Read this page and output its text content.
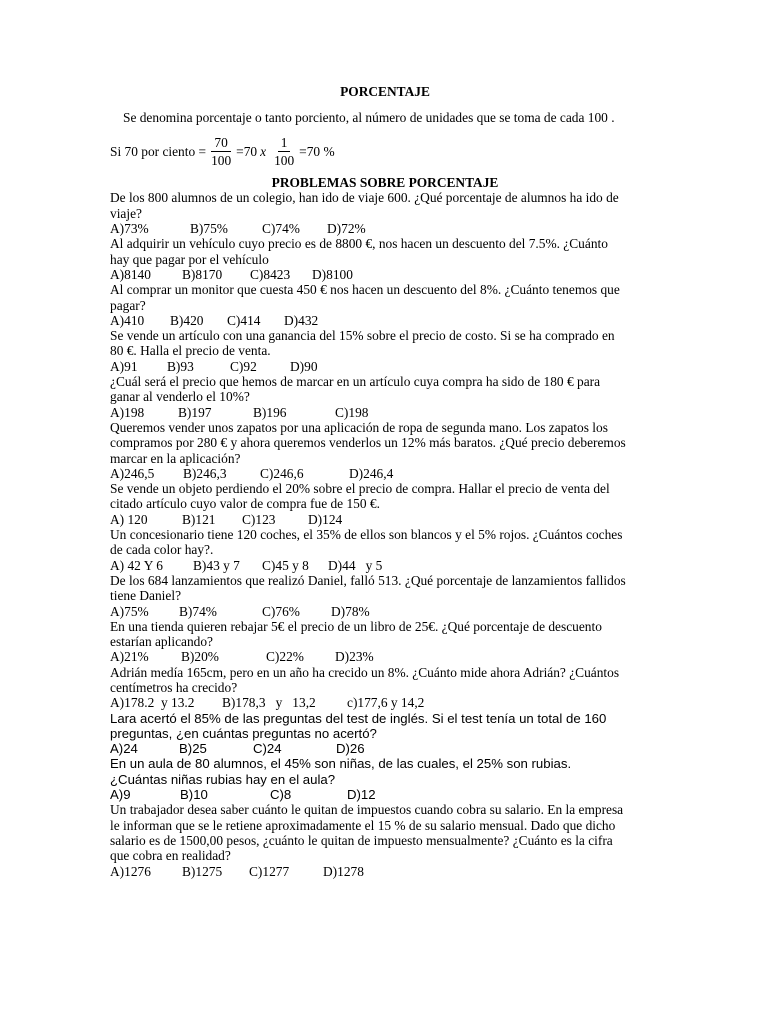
PORCENTAJE

Se denomina porcentaje o tanto porciento, al número de unidades que se toma de cada 100 .

Si 70 por ciento = $\frac{70}{100} =70$ x $\frac{1}{100} =70$ %

PROBLEMAS SOBRE PORCENTAJE

De los 800 alumnos de un colegio, han ido de viaje 600. ¿Qué porcentaje de alumnos ha ido de
viaje?
A)73%	B)75%	C)74%	D)72%
Al adquirir un vehículo cuyo precio es de 8800 €, nos hacen un descuento del 7.5%. ¿Cuánto
hay que pagar por el vehículo
A)8140	B)8170	C)8423	D)8100
Al comprar un monitor que cuesta 450 € nos hacen un descuento del 8%. ¿Cuánto tenemos que
pagar?
A)410	B)420	C)414	D)432
Se vende un artículo con una ganancia del 15% sobre el precio de costo. Si se ha comprado en
80 €. Halla el precio de venta.
A)91	B)93	C)92	D)90
¿Cuál será el precio que hemos de marcar en un artículo cuya compra ha sido de 180 € para
ganar al venderlo el 10%?
A)198	B)197	B)196	C)198
Queremos vender unos zapatos por una aplicación de ropa de segunda mano. Los zapatos los
compramos por 280 € y ahora queremos venderlos un 12% más baratos. ¿Qué precio deberemos
marcar en la aplicación?
A)246,5	B)246,3	C)246,6	D)246,4
Se vende un objeto perdiendo el 20% sobre el precio de compra. Hallar el precio de venta del
citado artículo cuyo valor de compra fue de 150 €.
A) 120	B)121	C)123	D)124
Un concesionario tiene 120 coches, el 35% de ellos son blancos y el 5% rojos. ¿Cuántos coches
de cada color hay?.
A) 42 Y 6	B)43 y 7	C)45 y 8	D)44   y 5
De los 684 lanzamientos que realizó Daniel, falló 513. ¿Qué porcentaje de lanzamientos fallidos
tiene Daniel?
A)75%	B)74%	C)76%	D)78%
En una tienda quieren rebajar 5€ el precio de un libro de 25€. ¿Qué porcentaje de descuento
estarían aplicando?
A)21%	B)20%	C)22%	D)23%
Adrián medía 165cm, pero en un año ha crecido un 8%. ¿Cuánto mide ahora Adrián? ¿Cuántos
centímetros ha crecido?
A)178.2  y 13.2	B)178,3   y   13,2	c)177,6 y 14,2
Lara acertó el 85% de las preguntas del test de inglés. Si el test tenía un total de 160
preguntas, ¿en cuántas preguntas no acertó?
A)24	B)25	C)24	D)26
En un aula de 80 alumnos, el 45% son niñas, de las cuales, el 25% son rubias.
¿Cuántas niñas rubias hay en el aula?
A)9	B)10	C)8	D)12
Un trabajador desea saber cuánto le quitan de impuestos cuando cobra su salario. En la empresa
le informan que se le retiene aproximadamente el 15 % de su salario mensual. Dado que dicho
salario es de 1500,00 pesos, ¿cuánto le quitan de impuesto mensualmente? ¿Cuánto es la cifra
que cobra en realidad?
A)1276	B)1275	C)1277	D)1278
